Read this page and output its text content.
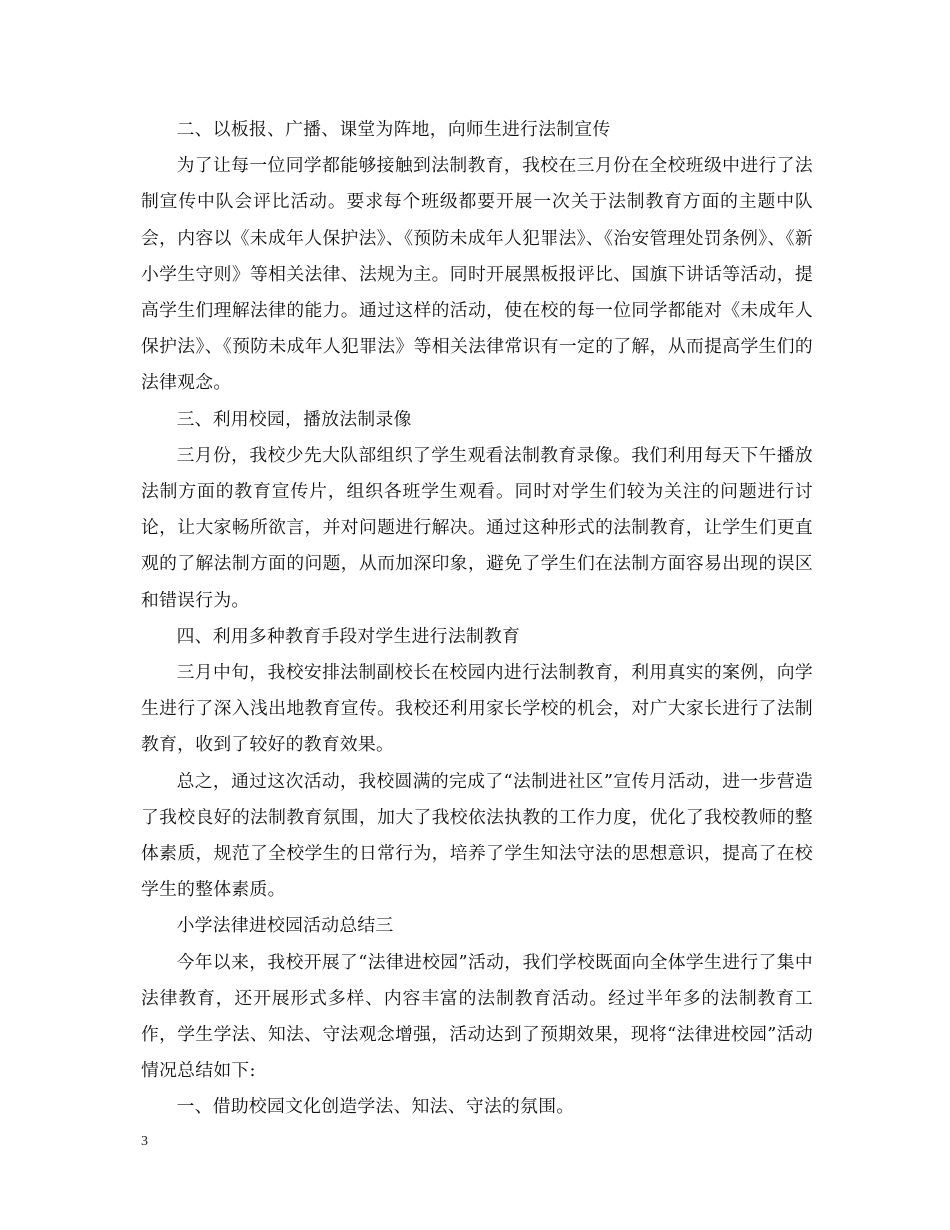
二、以板报、广播、课堂为阵地，向师生进行法制宣传

为了让每一位同学都能够接触到法制教育，我校在三月份在全校班级中进行了法制宣传中队会评比活动。要求每个班级都要开展一次关于法制教育方面的主题中队会，内容以《未成年人保护法》、《预防未成年人犯罪法》、《治安管理处罚条例》、《新小学生守则》等相关法律、法规为主。同时开展黑板报评比、国旗下讲话等活动，提高学生们理解法律的能力。通过这样的活动，使在校的每一位同学都能对《未成年人保护法》、《预防未成年人犯罪法》等相关法律常识有一定的了解，从而提高学生们的法律观念。

三、利用校园，播放法制录像

三月份，我校少先大队部组织了学生观看法制教育录像。我们利用每天下午播放法制方面的教育宣传片，组织各班学生观看。同时对学生们较为关注的问题进行讨论，让大家畅所欲言，并对问题进行解决。通过这种形式的法制教育，让学生们更直观的了解法制方面的问题，从而加深印象，避免了学生们在法制方面容易出现的误区和错误行为。

四、利用多种教育手段对学生进行法制教育

三月中旬，我校安排法制副校长在校园内进行法制教育，利用真实的案例，向学生进行了深入浅出地教育宣传。我校还利用家长学校的机会，对广大家长进行了法制教育，收到了较好的教育效果。

总之，通过这次活动，我校圆满的完成了“法制进社区”宣传月活动，进一步营造了我校良好的法制教育氛围，加大了我校依法执教的工作力度，优化了我校教师的整体素质，规范了全校学生的日常行为，培养了学生知法守法的思想意识，提高了在校学生的整体素质。

小学法律进校园活动总结三

今年以来，我校开展了“法律进校园”活动，我们学校既面向全体学生进行了集中法律教育，还开展形式多样、内容丰富的法制教育活动。经过半年多的法制教育工作，学生学法、知法、守法观念增强，活动达到了预期效果，现将“法律进校园”活动情况总结如下:

一、借助校园文化创造学法、知法、守法的氛围。

3
